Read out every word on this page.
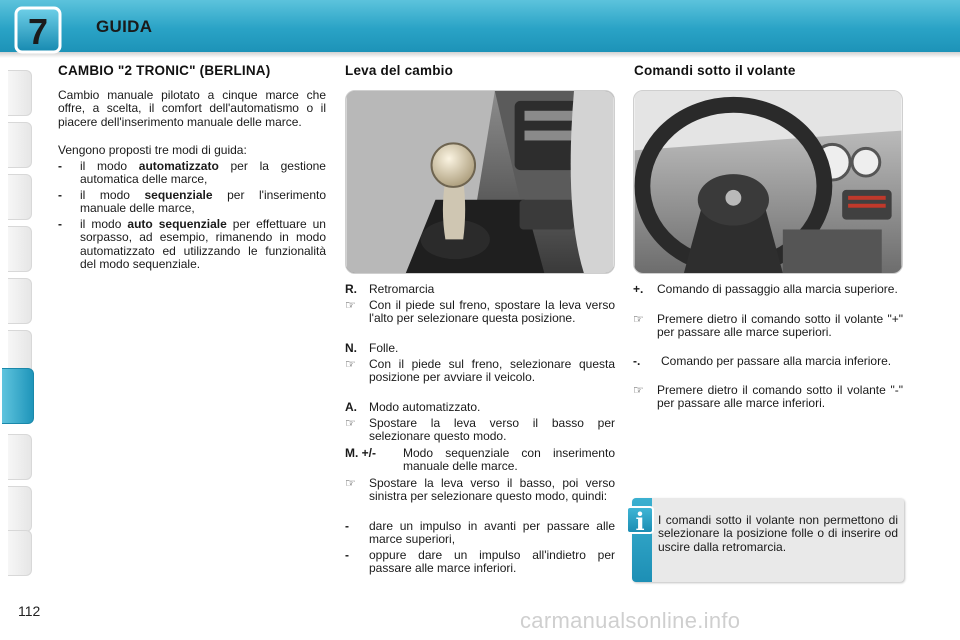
7	GUIDA
CAMBIO "2 TRONIC" (BERLINA)
Cambio manuale pilotato a cinque marce che offre, a scelta, il comfort dell'automatismo o il piacere dell'inserimento manuale delle marce.
Vengono proposti tre modi di guida:
- il modo automatizzato per la gestione automatica delle marce,
- il modo sequenziale per l'inserimento manuale delle marce,
- il modo auto sequenziale per effettuare un sorpasso, ad esempio, rimanendo in modo automatizzato ed utilizzando le funzionalità del modo sequenziale.
Leva del cambio
R. Retromarcia
☞ Con il piede sul freno, spostare la leva verso l'alto per selezionare questa posizione.
N. Folle.
☞ Con il piede sul freno, selezionare questa posizione per avviare il veicolo.
A. Modo automatizzato.
☞ Spostare la leva verso il basso per selezionare questo modo.
M. +/- Modo sequenziale con inserimento manuale delle marce.
☞ Spostare la leva verso il basso, poi verso sinistra per selezionare questo modo, quindi:
- dare un impulso in avanti per passare alle marce superiori,
- oppure dare un impulso all'indietro per passare alle marce inferiori.
Comandi sotto il volante
+. Comando di passaggio alla marcia superiore.
☞ Premere dietro il comando sotto il volante "+" per passare alle marce superiori.
-. Comando per passare alla marcia inferiore.
☞ Premere dietro il comando sotto il volante "-" per passare alle marce inferiori.
i	I comandi sotto il volante non permettono di selezionare la posizione folle o di inserire od uscire dalla retromarcia.
112	carmanualsonline.info
